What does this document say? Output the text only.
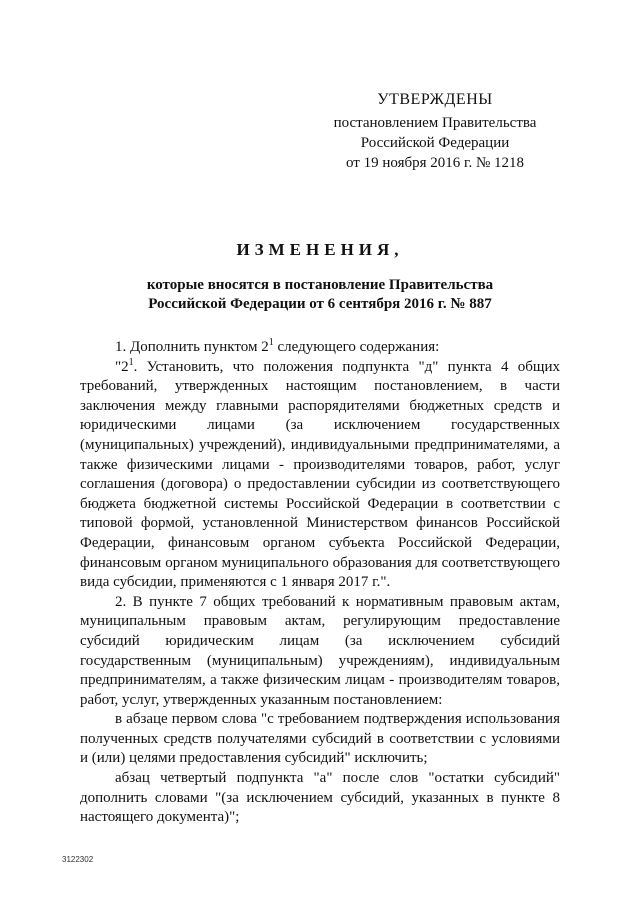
УТВЕРЖДЕНЫ
постановлением Правительства
Российской Федерации
от 19 ноября 2016 г. № 1218
ИЗМЕНЕНИЯ,
которые вносятся в постановление Правительства
Российской Федерации от 6 сентября 2016 г. № 887

1. Дополнить пунктом $2^1$ следующего содержания:

"$2^1$. Установить, что положения подпункта "д" пункта 4 общих требований, утвержденных настоящим постановлением, в части заключения между главными распорядителями бюджетных средств и юридическими лицами (за исключением государственных (муниципальных) учреждений), индивидуальными предпринимателями, а также физическими лицами - производителями товаров, работ, услуг соглашения (договора) о предоставлении субсидии из соответствующего бюджета бюджетной системы Российской Федерации в соответствии с типовой формой, установленной Министерством финансов Российской Федерации, финансовым органом субъекта Российской Федерации, финансовым органом муниципального образования для соответствующего вида субсидии, применяются с 1 января 2017 г.".

2. В пункте 7 общих требований к нормативным правовым актам, муниципальным правовым актам, регулирующим предоставление субсидий юридическим лицам (за исключением субсидий государственным (муниципальным) учреждениям), индивидуальным предпринимателям, а также физическим лицам - производителям товаров, работ, услуг, утвержденных указанным постановлением:

в абзаце первом слова "с требованием подтверждения использования полученных средств получателями субсидий в соответствии с условиями и (или) целями предоставления субсидий" исключить;

абзац четвертый подпункта "а" после слов "остатки субсидий" дополнить словами "(за исключением субсидий, указанных в пункте 8 настоящего документа)";

3122302
